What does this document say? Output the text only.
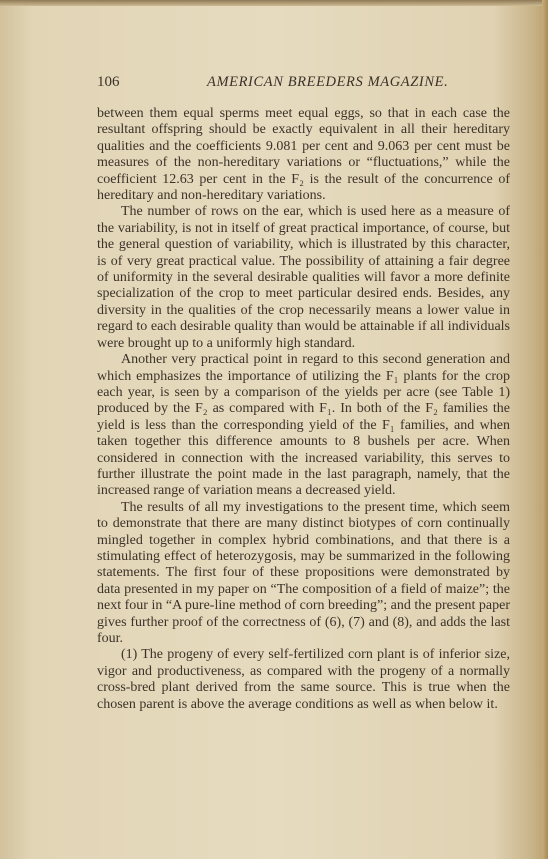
106	AMERICAN BREEDERS MAGAZINE.

between them equal sperms meet equal eggs, so that in each case the resultant offspring should be exactly equivalent in all their hereditary qualities and the coefficients 9.081 per cent and 9.063 per cent must be measures of the non-hereditary variations or “fluctuations,” while the coefficient 12.63 per cent in the F₂ is the result of the concurrence of hereditary and non-hereditary variations.

The number of rows on the ear, which is used here as a measure of the variability, is not in itself of great practical importance, of course, but the general question of variability, which is illustrated by this character, is of very great practical value. The possibility of attaining a fair degree of uniformity in the several desirable qualities will favor a more definite specialization of the crop to meet particular desired ends. Besides, any diversity in the qualities of the crop necessarily means a lower value in regard to each desirable quality than would be attainable if all individuals were brought up to a uniformly high standard.

Another very practical point in regard to this second generation and which emphasizes the importance of utilizing the F₁ plants for the crop each year, is seen by a comparison of the yields per acre (see Table 1) produced by the F₂ as compared with F₁. In both of the F₂ families the yield is less than the corresponding yield of the F₁ families, and when taken together this difference amounts to 8 bushels per acre. When considered in connection with the increased variability, this serves to further illustrate the point made in the last paragraph, namely, that the increased range of variation means a decreased yield.

The results of all my investigations to the present time, which seem to demonstrate that there are many distinct biotypes of corn continually mingled together in complex hybrid combinations, and that there is a stimulating effect of heterozygosis, may be summarized in the following statements. The first four of these propositions were demonstrated by data presented in my paper on “The composition of a field of maize”; the next four in “A pure-line method of corn breeding”; and the present paper gives further proof of the correctness of (6), (7) and (8), and adds the last four.

(1) The progeny of every self-fertilized corn plant is of inferior size, vigor and productiveness, as compared with the progeny of a normally cross-bred plant derived from the same source. This is true when the chosen parent is above the average conditions as well as when below it.
